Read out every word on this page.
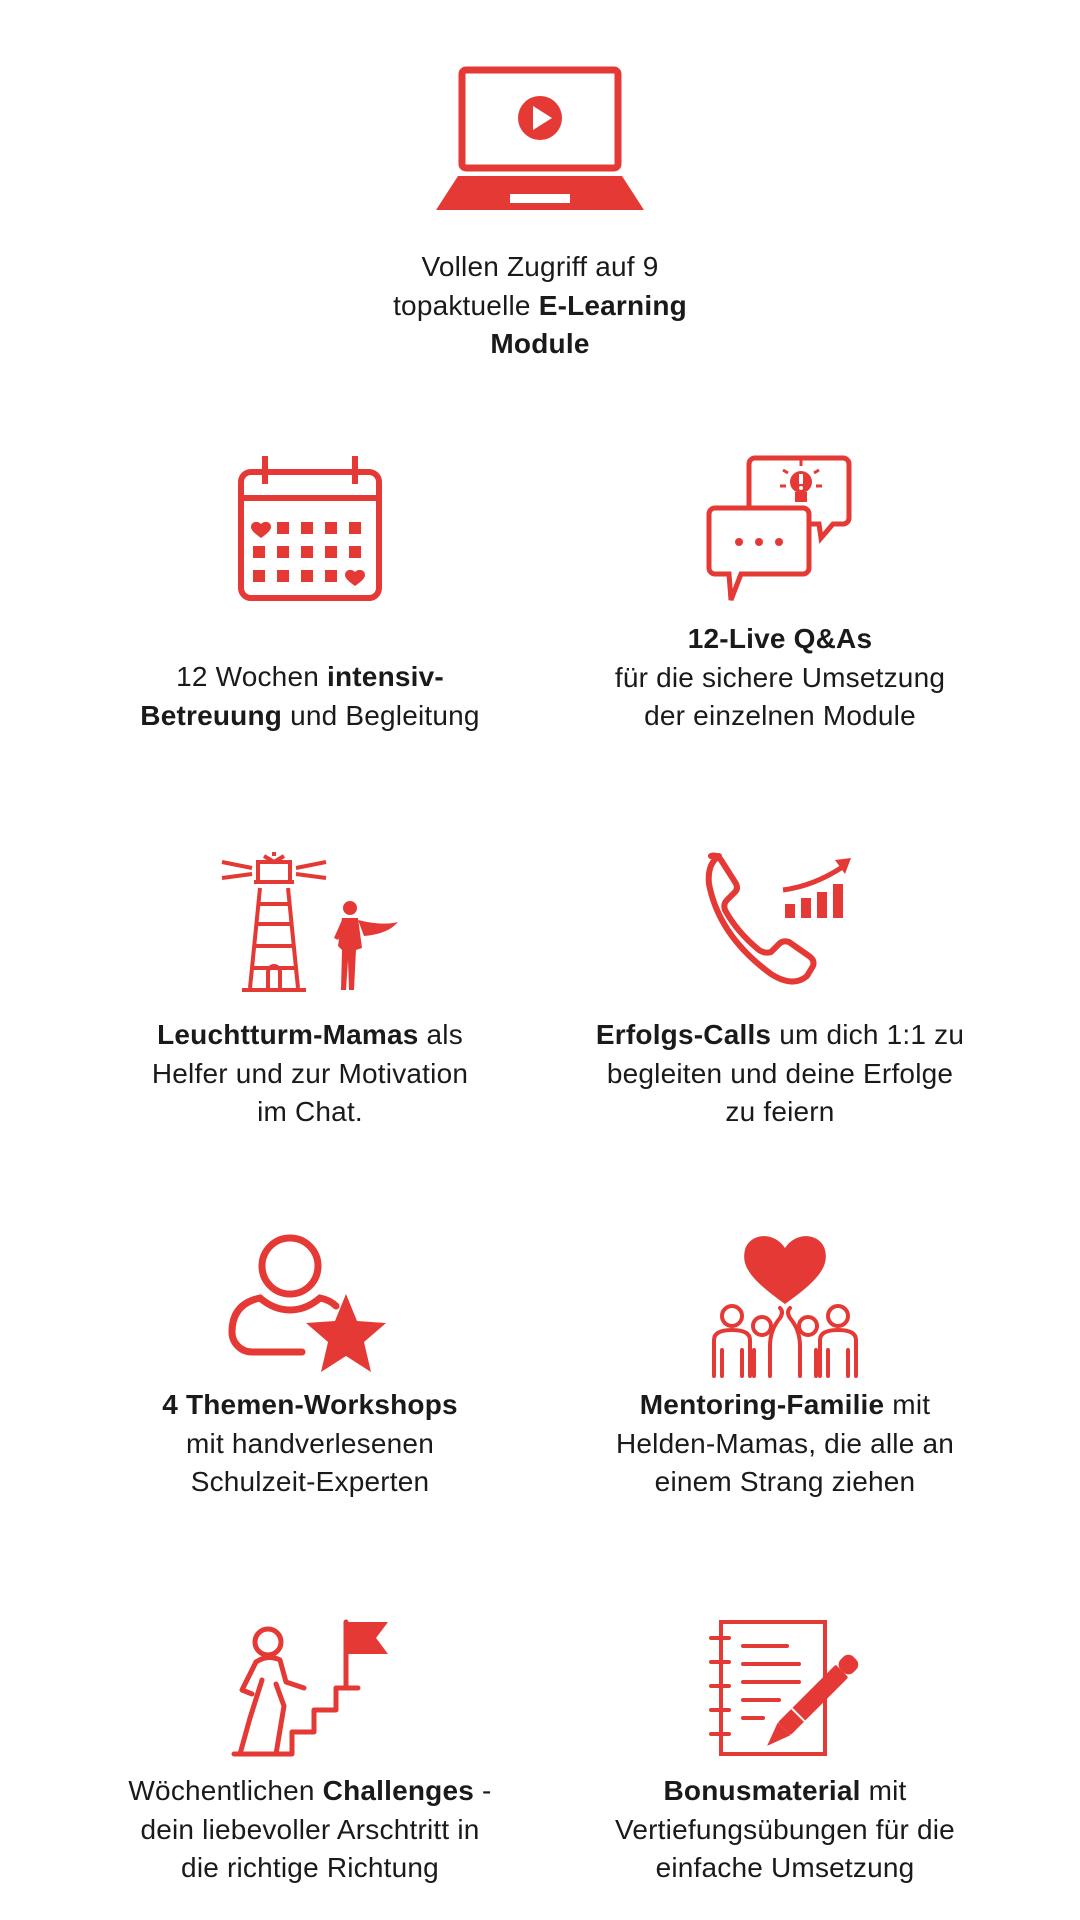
Vollen Zugriff auf 9
topaktuelle E-Learning
Module
12 Wochen intensiv-
Betreuung und Begleitung
12-Live Q&As
für die sichere Umsetzung
der einzelnen Module
Leuchtturm-Mamas als
Helfer und zur Motivation
im Chat.
Erfolgs-Calls um dich 1:1 zu
begleiten und deine Erfolge
zu feiern
4 Themen-Workshops
mit handverlesenen
Schulzeit-Experten
Mentoring-Familie mit
Helden-Mamas, die alle an
einem Strang ziehen
Wöchentlichen Challenges -
dein liebevoller Arschtritt in
die richtige Richtung
Bonusmaterial mit
Vertiefungsübungen für die
einfache Umsetzung
